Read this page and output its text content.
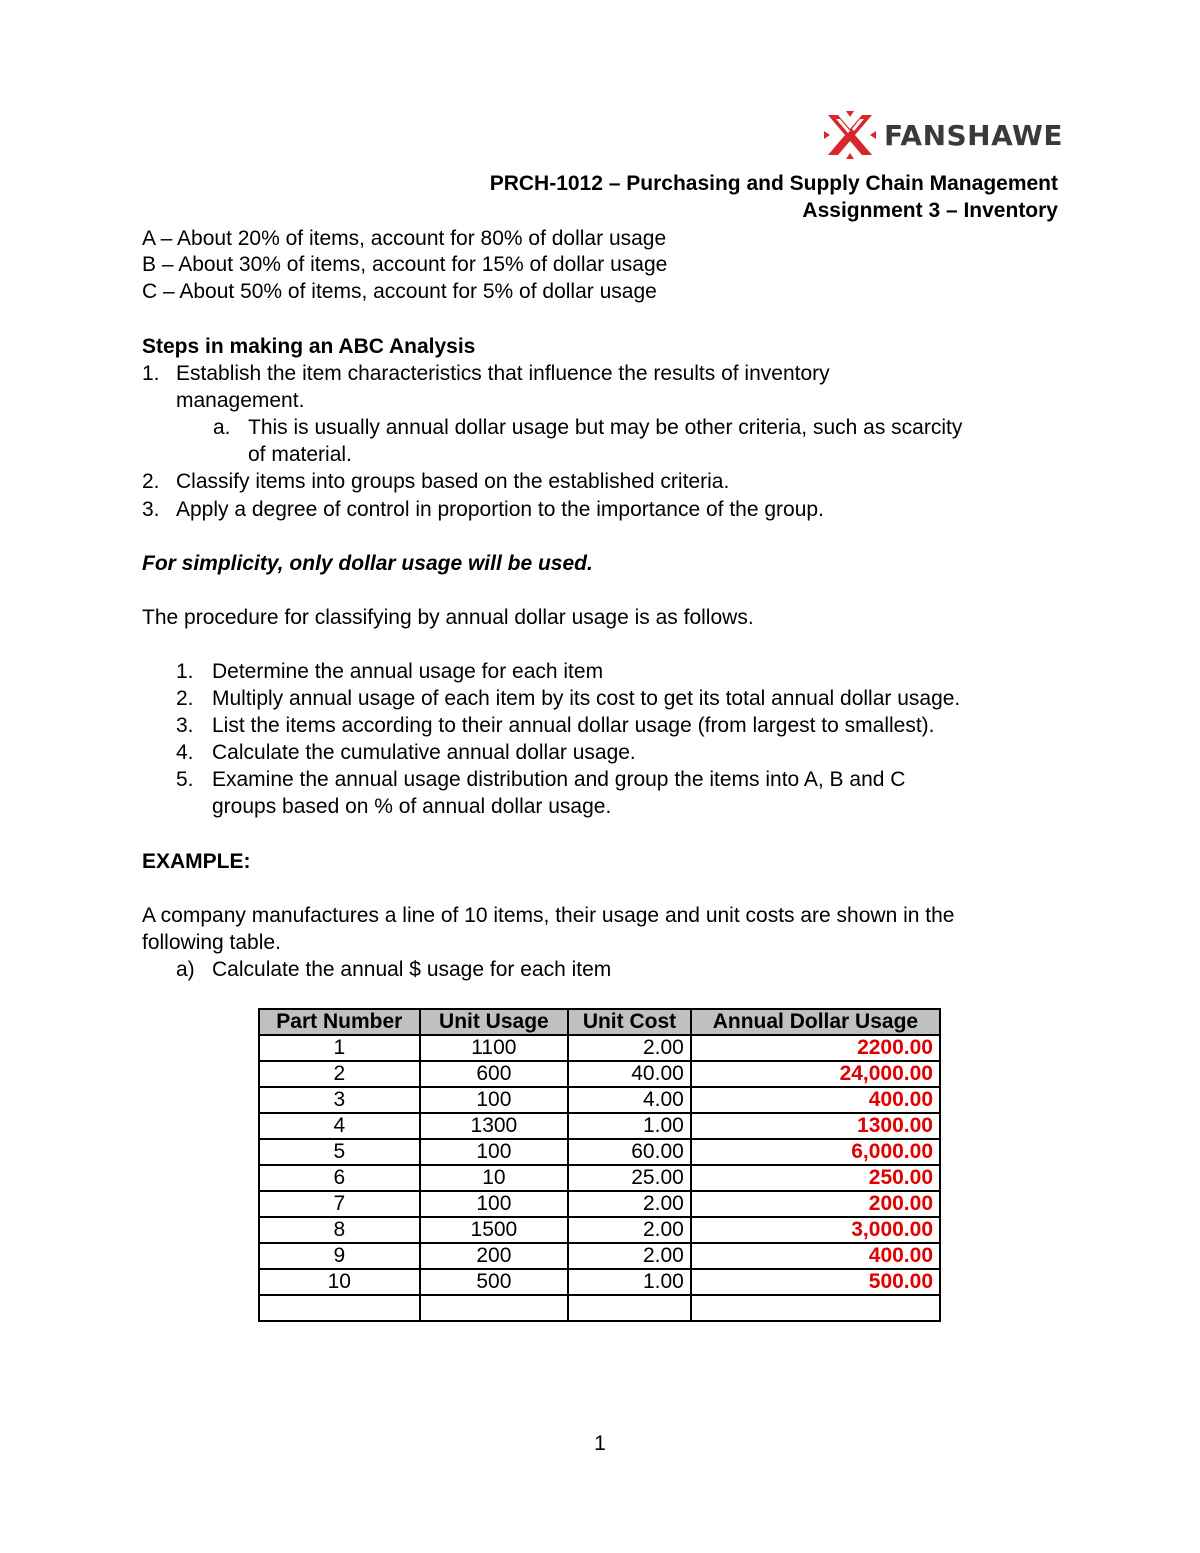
FANSHAWE
PRCH-1012 – Purchasing and Supply Chain Management
Assignment 3 – Inventory
A – About 20% of items, account for 80% of dollar usage
B – About 30% of items, account for 15% of dollar usage
C – About 50% of items, account for 5% of dollar usage
Steps in making an ABC Analysis
1. Establish the item characteristics that influence the results of inventory
management.
a. This is usually annual dollar usage but may be other criteria, such as scarcity
of material.
2. Classify items into groups based on the established criteria.
3. Apply a degree of control in proportion to the importance of the group.
For simplicity, only dollar usage will be used.
The procedure for classifying by annual dollar usage is as follows.
1. Determine the annual usage for each item
2. Multiply annual usage of each item by its cost to get its total annual dollar usage.
3. List the items according to their annual dollar usage (from largest to smallest).
4. Calculate the cumulative annual dollar usage.
5. Examine the annual usage distribution and group the items into A, B and C
groups based on % of annual dollar usage.
EXAMPLE:
A company manufactures a line of 10 items, their usage and unit costs are shown in the
following table.
a) Calculate the annual $ usage for each item
Part Number	Unit Usage	Unit Cost	Annual Dollar Usage
1	1100	2.00	2200.00
2	600	40.00	24,000.00
3	100	4.00	400.00
4	1300	1.00	1300.00
5	100	60.00	6,000.00
6	10	25.00	250.00
7	100	2.00	200.00
8	1500	2.00	3,000.00
9	200	2.00	400.00
10	500	1.00	500.00

1
